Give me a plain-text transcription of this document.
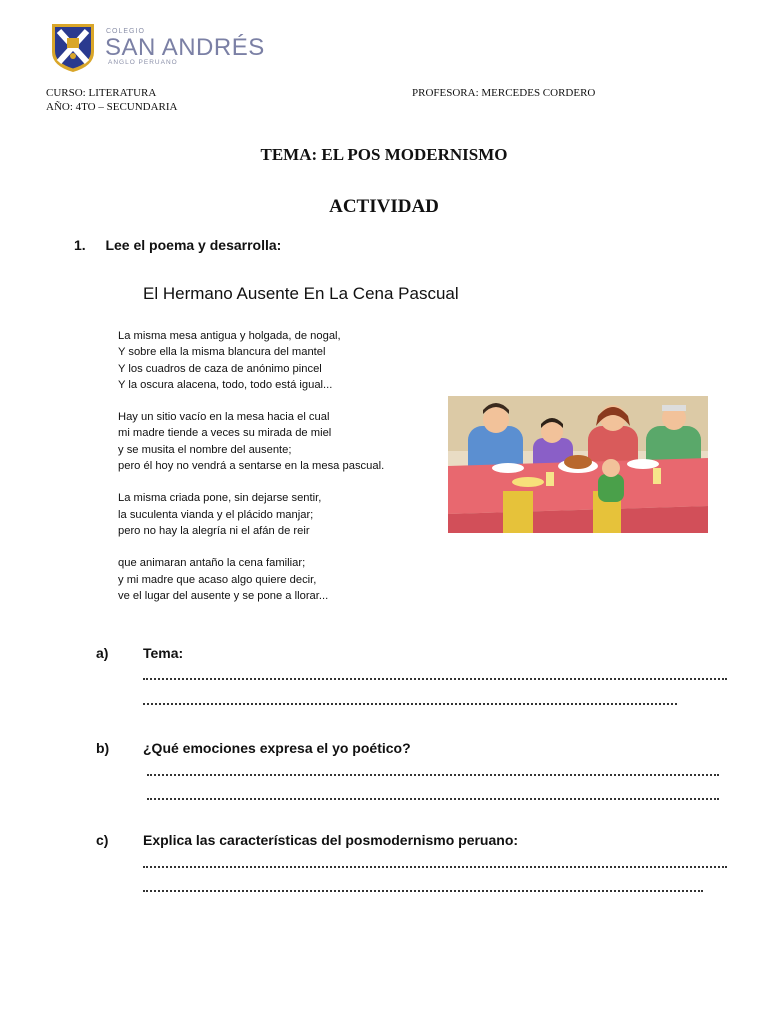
COLEGIO
SAN ANDRÉS
ANGLO PERUANO
CURSO: LITERATURA
AÑO: 4TO – SECUNDARIA
PROFESORA: MERCEDES CORDERO
TEMA: EL POS MODERNISMO
ACTIVIDAD
1. Lee el poema y desarrolla:
El Hermano Ausente En La Cena Pascual
La misma mesa antigua y holgada, de nogal,
Y sobre ella la misma blancura del mantel
Y los cuadros de caza de anónimo pincel
Y la oscura alacena, todo, todo está igual...
Hay un sitio vacío en la mesa hacia el cual
mi madre tiende a veces su mirada de miel
y se musita el nombre del ausente;
pero él hoy no vendrá a sentarse en la mesa pascual.
La misma criada pone, sin dejarse sentir,
la suculenta vianda y el plácido manjar;
pero no hay la alegría ni el afán de reir
que animaran antaño la cena familiar;
y mi madre que acaso algo quiere decir,
ve el lugar del ausente y se pone a llorar...
a) Tema:
b) ¿Qué emociones expresa el yo poético?
c) Explica las características del posmodernismo peruano:
